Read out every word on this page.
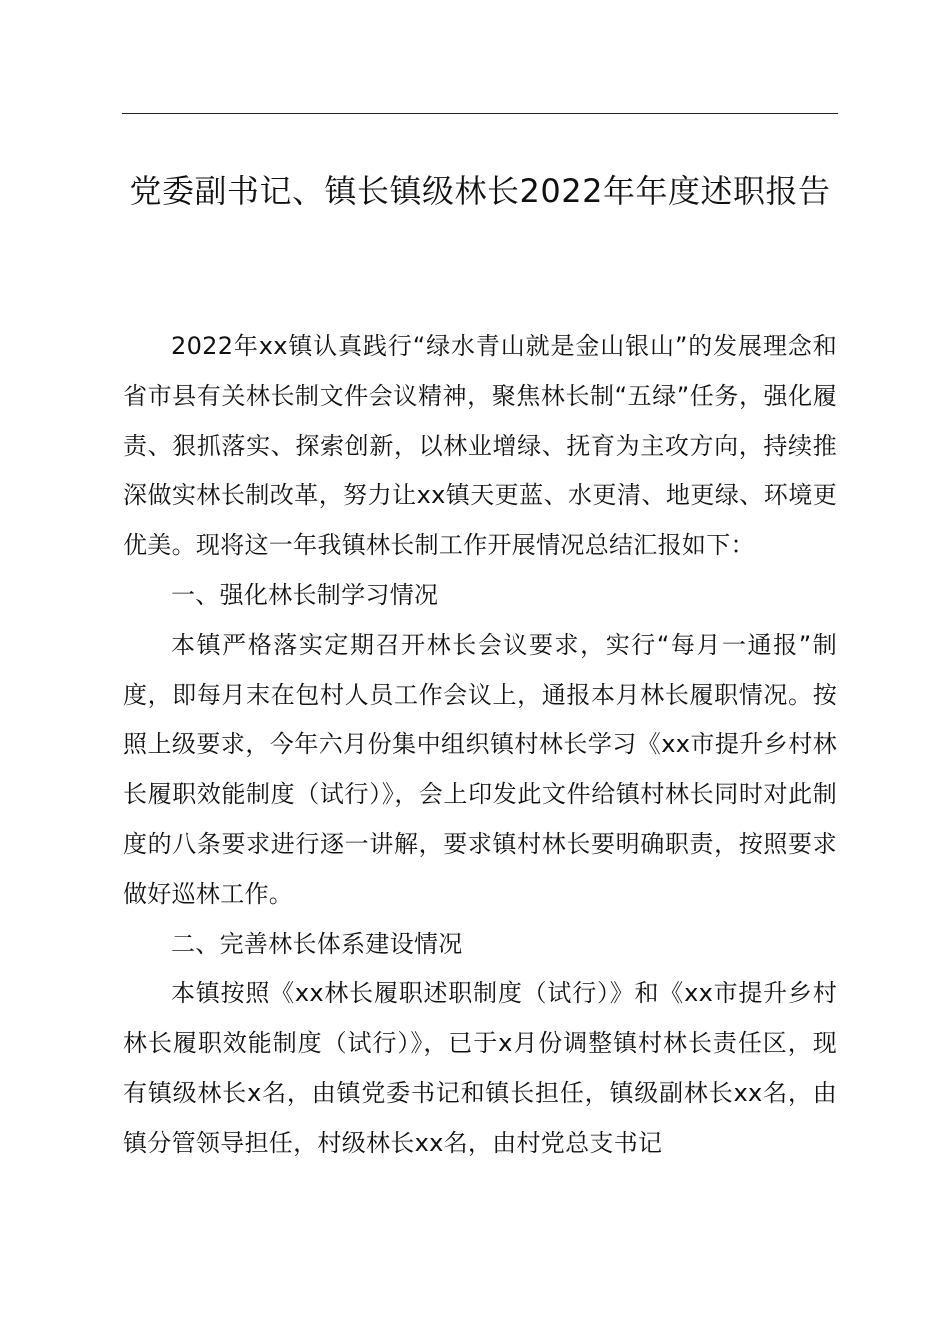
党委副书记、镇长镇级林长2022年年度述职报告

2022年xx镇认真践行“绿水青山就是金山银山”的发展理念和省市县有关林长制文件会议精神，聚焦林长制“五绿”任务，强化履责、狠抓落实、探索创新，以林业增绿、抚育为主攻方向，持续推深做实林长制改革，努力让xx镇天更蓝、水更清、地更绿、环境更优美。现将这一年我镇林长制工作开展情况总结汇报如下：

一、强化林长制学习情况

本镇严格落实定期召开林长会议要求，实行“每月一通报”制度，即每月末在包村人员工作会议上，通报本月林长履职情况。按照上级要求，今年六月份集中组织镇村林长学习《xx市提升乡村林长履职效能制度（试行）》，会上印发此文件给镇村林长同时对此制度的八条要求进行逐一讲解，要求镇村林长要明确职责，按照要求做好巡林工作。

二、完善林长体系建设情况

本镇按照《xx林长履职述职制度（试行）》和《xx市提升乡村林长履职效能制度（试行）》，已于x月份调整镇村林长责任区，现有镇级林长x名，由镇党委书记和镇长担任，镇级副林长xx名，由镇分管领导担任，村级林长xx名，由村党总支书记
